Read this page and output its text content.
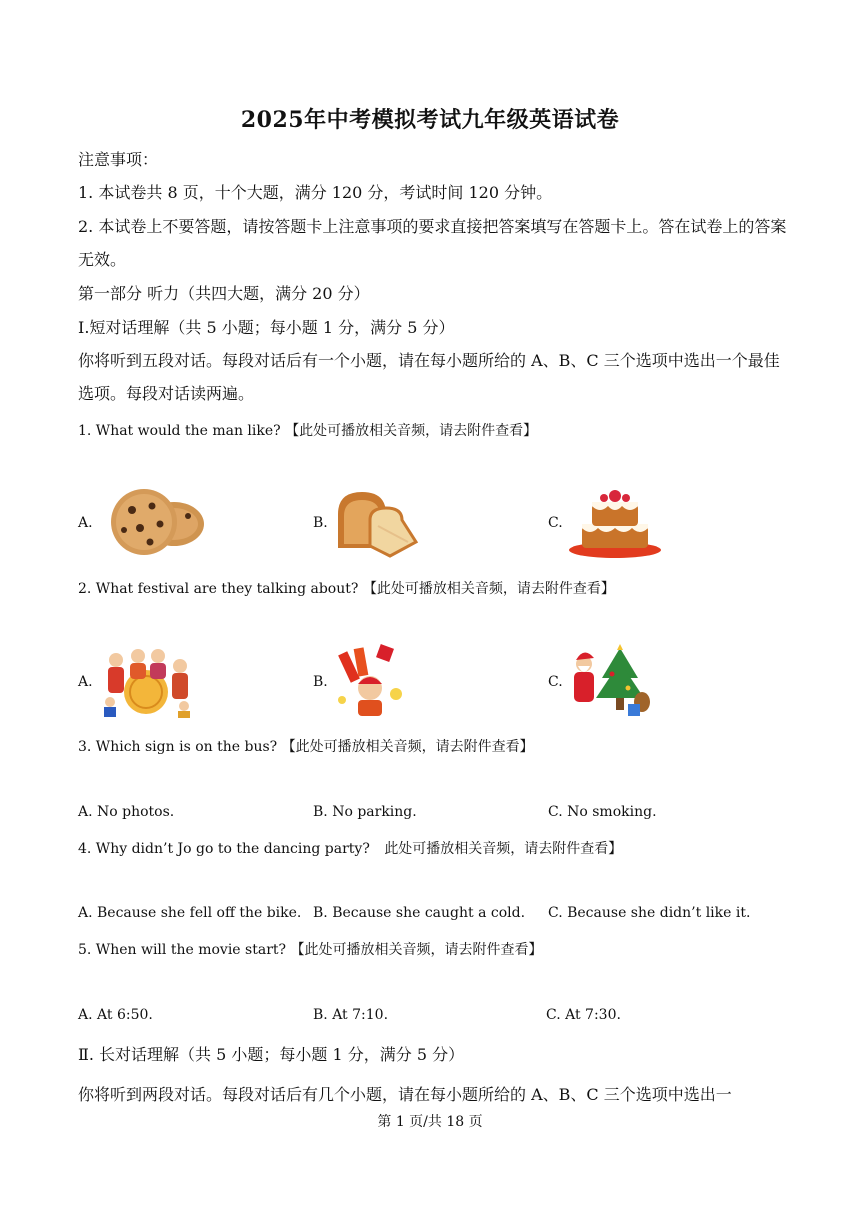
2025年中考模拟考试九年级英语试卷
注意事项：
1. 本试卷共 8 页，十个大题，满分 120 分，考试时间 120 分钟。
2. 本试卷上不要答题，请按答题卡上注意事项的要求直接把答案填写在答题卡上。答在试卷上的答案无效。
第一部分 听力（共四大题，满分 20 分）
Ⅰ.短对话理解（共 5 小题；每小题 1 分，满分 5 分）
你将听到五段对话。每段对话后有一个小题，请在每小题所给的 A、B、C 三个选项中选出一个最佳选项。每段对话读两遍。
1. What would the man like? 【此处可播放相关音频，请去附件查看】
A.	B.	C.
2. What festival are they talking about? 【此处可播放相关音频，请去附件查看】
A.	B.	C.
3. Which sign is on the bus? 【此处可播放相关音频，请去附件查看】
A. No photos.	B. No parking.	C. No smoking.
4. Why didn’t Jo go to the dancing party? 此处可播放相关音频，请去附件查看】
A. Because she fell off the bike. B. Because she caught a cold. C. Because she didn’t like it.
5. When will the movie start? 【此处可播放相关音频，请去附件查看】
A. At 6:50.	B. At 7:10.	C. At 7:30.
Ⅱ. 长对话理解（共 5 小题；每小题 1 分，满分 5 分）
你将听到两段对话。每段对话后有几个小题，请在每小题所给的 A、B、C 三个选项中选出一
第 1 页/共 18 页
